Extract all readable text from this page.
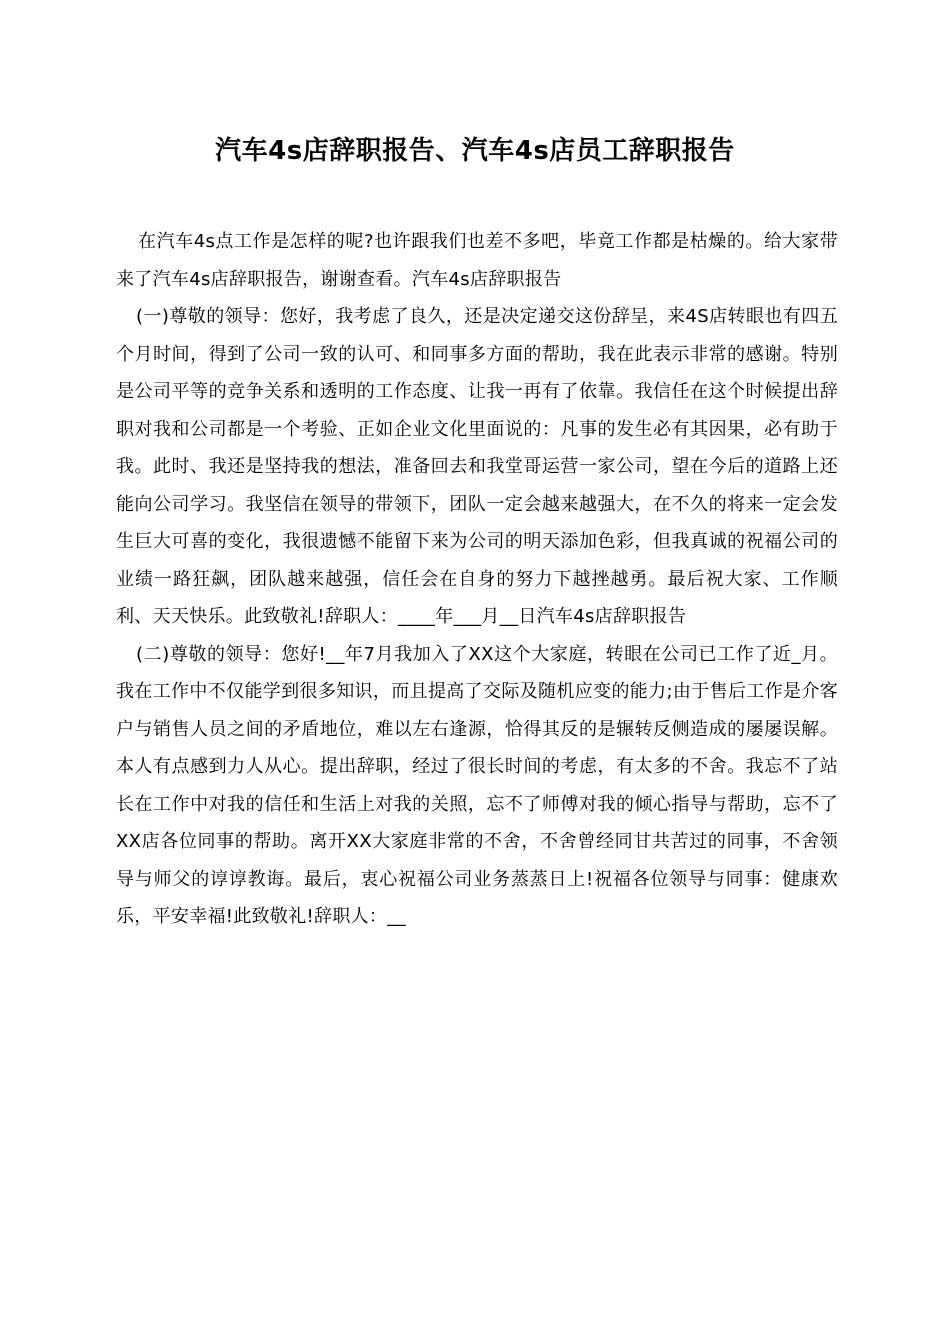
汽车4s店辞职报告、汽车4s店员工辞职报告

在汽车4s点工作是怎样的呢?也许跟我们也差不多吧，毕竟工作都是枯燥的。给大家带来了汽车4s店辞职报告，谢谢查看。汽车4s店辞职报告

(一)尊敬的领导：您好，我考虑了良久，还是决定递交这份辞呈，来4S店转眼也有四五个月时间，得到了公司一致的认可、和同事多方面的帮助，我在此表示非常的感谢。特别是公司平等的竞争关系和透明的工作态度、让我一再有了依靠。我信任在这个时候提出辞职对我和公司都是一个考验、正如企业文化里面说的：凡事的发生必有其因果，必有助于我。此时、我还是坚持我的想法，准备回去和我堂哥运营一家公司，望在今后的道路上还能向公司学习。我坚信在领导的带领下，团队一定会越来越强大，在不久的将来一定会发生巨大可喜的变化，我很遗憾不能留下来为公司的明天添加色彩，但我真诚的祝福公司的业绩一路狂飙，团队越来越强，信任会在自身的努力下越挫越勇。最后祝大家、工作顺利、天天快乐。此致敬礼!辞职人：____年___月__日汽车4s店辞职报告

(二)尊敬的领导：您好!__年7月我加入了XX这个大家庭，转眼在公司已工作了近_月。我在工作中不仅能学到很多知识，而且提高了交际及随机应变的能力;由于售后工作是介客户与销售人员之间的矛盾地位，难以左右逢源，恰得其反的是辗转反侧造成的屡屡误解。本人有点感到力人从心。提出辞职，经过了很长时间的考虑，有太多的不舍。我忘不了站长在工作中对我的信任和生活上对我的关照，忘不了师傅对我的倾心指导与帮助，忘不了XX店各位同事的帮助。离开XX大家庭非常的不舍，不舍曾经同甘共苦过的同事，不舍领导与师父的谆谆教诲。最后，衷心祝福公司业务蒸蒸日上!祝福各位领导与同事：健康欢乐，平安幸福!此致敬礼!辞职人：__
